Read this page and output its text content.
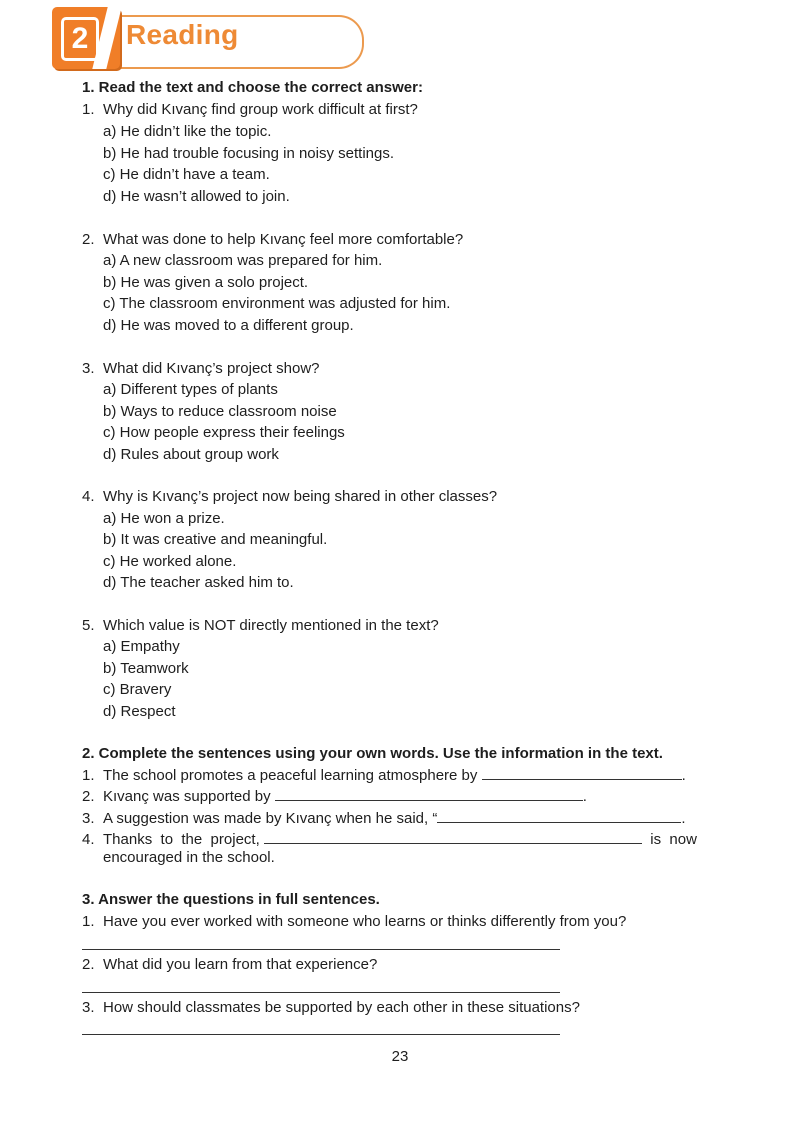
2	Reading
1. Read the text and choose the correct answer:
1. Why did Kıvanç find group work difficult at first?
a) He didn’t like the topic.
b) He had trouble focusing in noisy settings.
c) He didn’t have a team.
d) He wasn’t allowed to join.
2. What was done to help Kıvanç feel more comfortable?
a) A new classroom was prepared for him.
b) He was given a solo project.
c) The classroom environment was adjusted for him.
d) He was moved to a different group.
3. What did Kıvanç’s project show?
a) Different types of plants
b) Ways to reduce classroom noise
c) How people express their feelings
d) Rules about group work
4. Why is Kıvanç’s project now being shared in other classes?
a) He won a prize.
b) It was creative and meaningful.
c) He worked alone.
d) The teacher asked him to.
5. Which value is NOT directly mentioned in the text?
a) Empathy
b) Teamwork
c) Bravery
d) Respect
2. Complete the sentences using your own words. Use the information in the text.
1. The school promotes a peaceful learning atmosphere by	.
2. Kıvanç was supported by	.
3. A suggestion was made by Kıvanç when he said, “	.
4. Thanks  to  the  project,	is  now
encouraged in the school.
3. Answer the questions in full sentences.
1. Have you ever worked with someone who learns or thinks differently from you?
2. What did you learn from that experience?
3. How should classmates be supported by each other in these situations?
23
